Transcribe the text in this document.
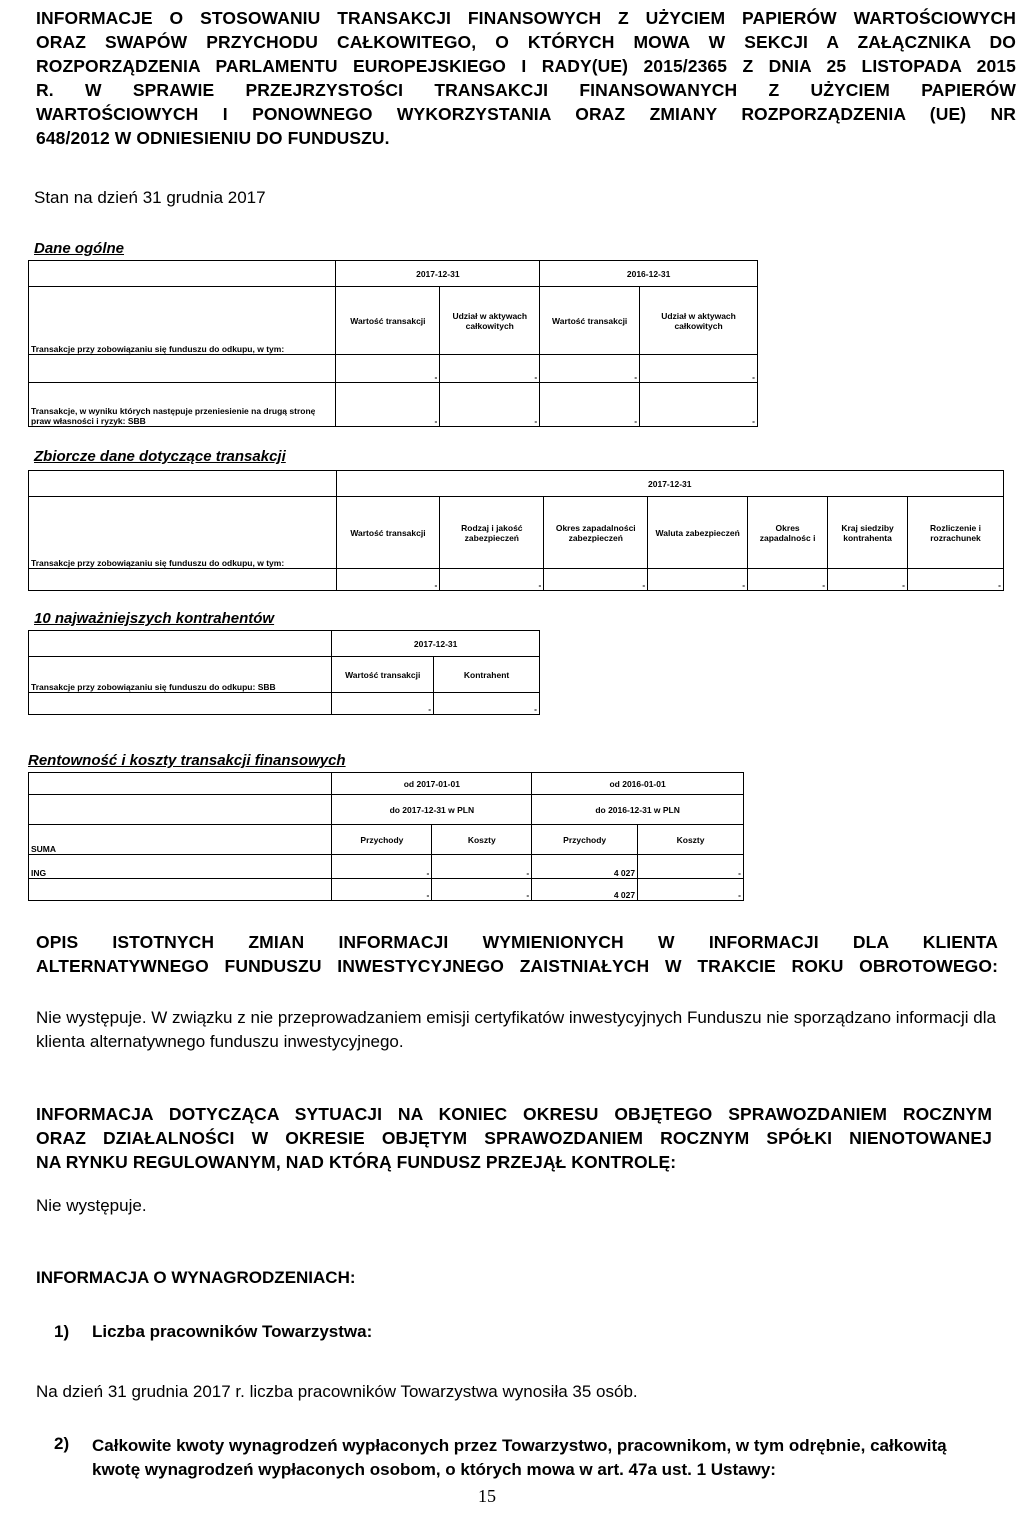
INFORMACJE O STOSOWANIU TRANSAKCJI FINANSOWYCH Z UŻYCIEM PAPIERÓW WARTOŚCIOWYCH
ORAZ SWAPÓW PRZYCHODU CAŁKOWITEGO, O KTÓRYCH MOWA W SEKCJI A ZAŁĄCZNIKA DO
ROZPORZĄDZENIA PARLAMENTU EUROPEJSKIEGO I RADY(UE) 2015/2365 Z DNIA 25 LISTOPADA 2015
R. W SPRAWIE PRZEJRZYSTOŚCI TRANSAKCJI FINANSOWANYCH Z UŻYCIEM PAPIERÓW
WARTOŚCIOWYCH I PONOWNEGO WYKORZYSTANIA ORAZ ZMIANY ROZPORZĄDZENIA (UE) NR
648/2012 W ODNIESIENIU DO FUNDUSZU.
Stan na dzień 31 grudnia 2017
Dane ogólne
	2017-12-31		2016-12-31	
Transakcje przy zobowiązaniu się funduszu do odkupu, w tym:	Wartość transakcji	Udział w aktywach całkowitych	Wartość transakcji	Udział w aktywach całkowitych
	-	-	-	-
Transakcje, w wyniku których następuje przeniesienie na drugą stronę praw własności i ryzyk: SBB	-	-	-	-
Zbiorcze dane dotyczące transakcji
	2017-12-31						
Transakcje przy zobowiązaniu się funduszu do odkupu, w tym:	Wartość transakcji	Rodzaj i jakość zabezpieczeń	Okres zapadalności zabezpieczeń	Waluta zabezpieczeń	Okres zapadalnośc i	Kraj siedziby kontrahenta	Rozliczenie i rozrachunek
	-	-	-	-	-	-	-
10 najważniejszych kontrahentów
	2017-12-31	
Transakcje przy zobowiązaniu się funduszu do odkupu: SBB	Wartość transakcji	Kontrahent
	-	-
Rentowność i koszty transakcji finansowych
	od 2017-01-01		od 2016-01-01	
	do 2017-12-31 w PLN		do 2016-12-31 w PLN	
SUMA	Przychody	Koszty	Przychody	Koszty
ING	-	-	4 027	-
	-	-	4 027	-
OPIS ISTOTNYCH ZMIAN INFORMACJI WYMIENIONYCH W INFORMACJI DLA KLIENTA
ALTERNATYWNEGO FUNDUSZU INWESTYCYJNEGO ZAISTNIAŁYCH W TRAKCIE ROKU OBROTOWEGO:
Nie występuje. W związku z nie przeprowadzaniem emisji certyfikatów inwestycyjnych Funduszu nie sporządzano informacji dla klienta alternatywnego funduszu inwestycyjnego.
INFORMACJA DOTYCZĄCA SYTUACJI NA KONIEC OKRESU OBJĘTEGO SPRAWOZDANIEM ROCZNYM
ORAZ DZIAŁALNOŚCI W OKRESIE OBJĘTYM SPRAWOZDANIEM ROCZNYM SPÓŁKI NIENOTOWANEJ
NA RYNKU REGULOWANYM, NAD KTÓRĄ FUNDUSZ PRZEJĄŁ KONTROLĘ:
Nie występuje.
INFORMACJA O WYNAGRODZENIACH:
1) Liczba pracowników Towarzystwa:
Na dzień 31 grudnia 2017 r. liczba pracowników Towarzystwa wynosiła 35 osób.
2) Całkowite kwoty wynagrodzeń wypłaconych przez Towarzystwo, pracownikom, w tym odrębnie, całkowitą kwotę wynagrodzeń wypłaconych osobom, o których mowa w art. 47a ust. 1 Ustawy:
15
